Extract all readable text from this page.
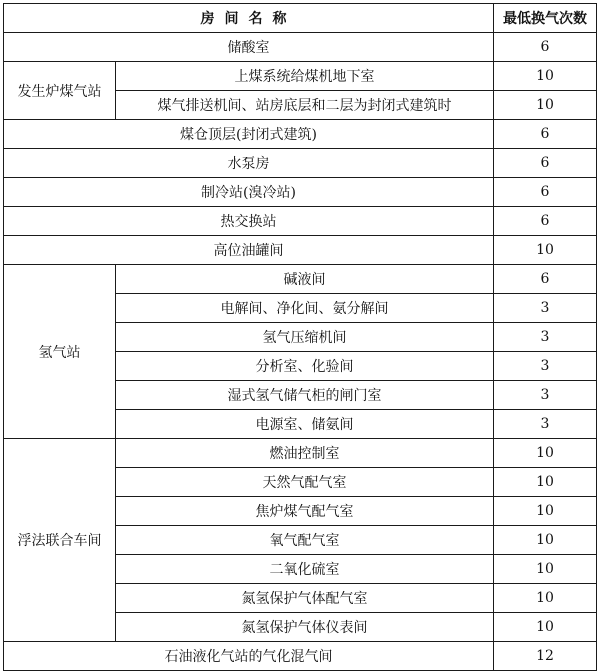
房间名称		最低换气次数
储酸室		6
发生炉煤气站	上煤系统给煤机地下室	10
	煤气排送机间、站房底层和二层为封闭式建筑时	10
煤仓顶层(封闭式建筑)		6
水泵房		6
制冷站(溴冷站)		6
热交换站		6
高位油罐间		10
氢气站	碱液间	6
	电解间、净化间、氨分解间	3
	氢气压缩机间	3
	分析室、化验间	3
	湿式氢气储气柜的闸门室	3
	电源室、储氨间	3
浮法联合车间	燃油控制室	10
	天然气配气室	10
	焦炉煤气配气室	10
	氧气配气室	10
	二氧化硫室	10
	氮氢保护气体配气室	10
	氮氢保护气体仪表间	10
石油液化气站的气化混气间		12
